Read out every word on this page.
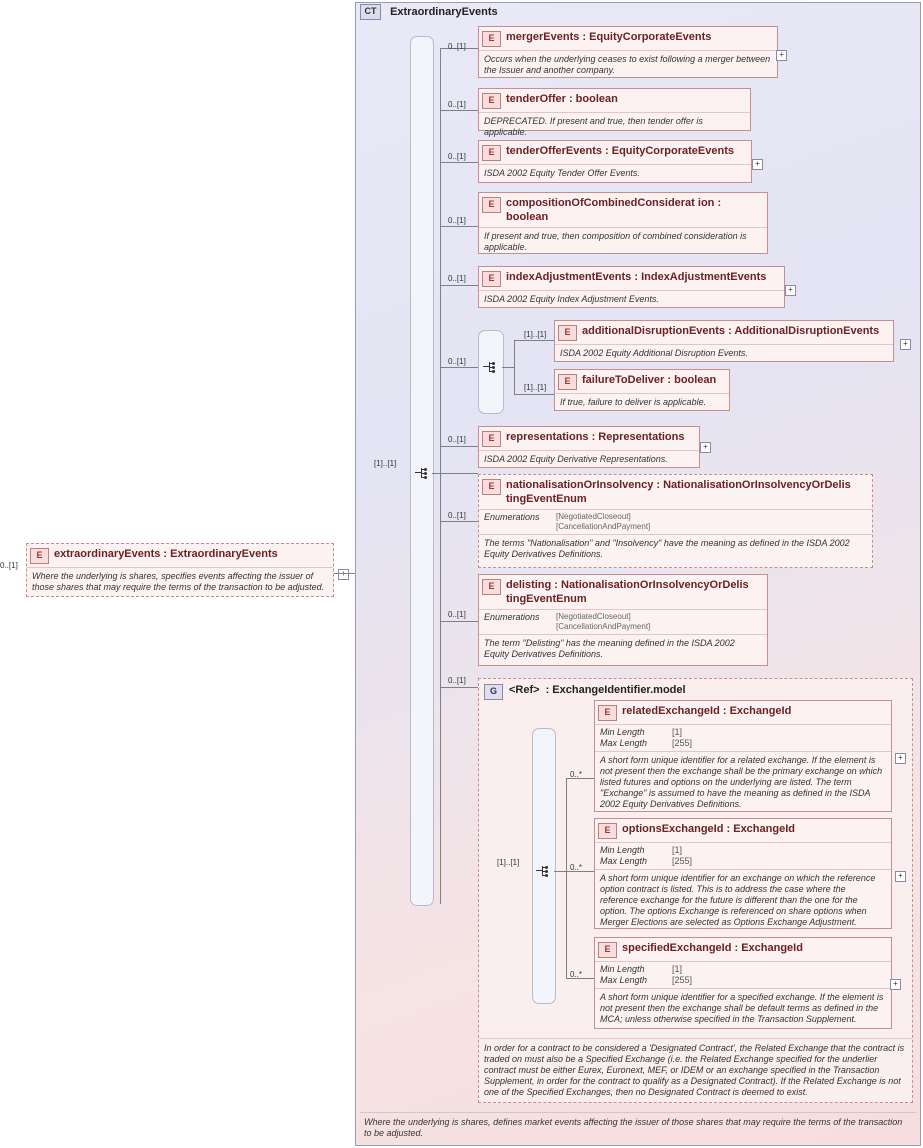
CT ExtraordinaryEvents
E	extraordinaryEvents : ExtraordinaryEvents
Where the underlying is shares, specifies events affecting the issuer of those shares that may require the terms of the transaction to be adjusted.
0..[1]
+
[1]..[1]
0..[1]
E	mergerEvents : EquityCorporateEvents
Occurs when the underlying ceases to exist following a merger between the Issuer and another company.
+
0..[1]	E	tenderOffer : boolean
DEPRECATED. If present and true, then tender offer is applicable.
0..[1]	E	tenderOfferEvents : EquityCorporateEvents
ISDA 2002 Equity Tender Offer Events.
+
0..[1]
E	compositionOfCombinedConsiderat ion : boolean
If present and true, then composition of combined consideration is applicable.
0..[1]	E	indexAdjustmentEvents : IndexAdjustmentEvents
ISDA 2002 Equity Index Adjustment Events.
+
0..[1]
[1]..[1]	E	additionalDisruptionEvents : AdditionalDisruptionEvents
ISDA 2002 Equity Additional Disruption Events.
+
[1]..[1]
E	failureToDeliver : boolean
If true, failure to deliver is applicable.
0..[1]	E	representations : Representations
ISDA 2002 Equity Derivative Representations.
+
0..[1]
E	nationalisationOrInsolvency : NationalisationOrInsolvencyOrDelis tingEventEnum
Enumerations	[NegotiatedCloseout]
[CancellationAndPayment]
The terms "Nationalisation" and "Insolvency" have the meaning as defined in the ISDA 2002 Equity Derivatives Definitions.
0..[1]
E	delisting : NationalisationOrInsolvencyOrDelis tingEventEnum
Enumerations	[NegotiatedCloseout]
[CancellationAndPayment]
The term "Delisting" has the meaning defined in the ISDA 2002 Equity Derivatives Definitions.
0..[1]
G	<Ref> : ExchangeIdentifier.model
In order for a contract to be considered a 'Designated Contract', the Related Exchange that the contract is traded on must also be a Specified Exchange (i.e. the Related Exchange specified for the underlier contract must be either Eurex, Euronext, MEF, or IDEM or an exchange specified in the Transaction Supplement, in order for the contract to qualify as a Designated Contract). If the Related Exchange is not one of the Specified Exchanges, then no Designated Contract is deemed to exist.
[1]..[1]
0..*
E	relatedExchangeId : ExchangeId
Min Length	[1]
Max Length	[255]
A short form unique identifier for a related exchange. If the element is not present then the exchange shall be the primary exchange on which listed futures and options on the underlying are listed. The term "Exchange" is assumed to have the meaning as defined in the ISDA 2002 Equity Derivatives Definitions.
+
0..*
E	optionsExchangeId : ExchangeId
Min Length	[1]
Max Length	[255]
A short form unique identifier for an exchange on which the reference option contract is listed. This is to address the case where the reference exchange for the future is different than the one for the option. The options Exchange is referenced on share options when Merger Elections are selected as Options Exchange Adjustment.
+
0..*
E	specifiedExchangeId : ExchangeId
Min Length	[1]
Max Length	[255]
A short form unique identifier for a specified exchange. If the element is not present then the exchange shall be default terms as defined in the MCA; unless otherwise specified in the Transaction Supplement.
+
Where the underlying is shares, defines market events affecting the issuer of those shares that may require the terms of the transaction to be adjusted.
